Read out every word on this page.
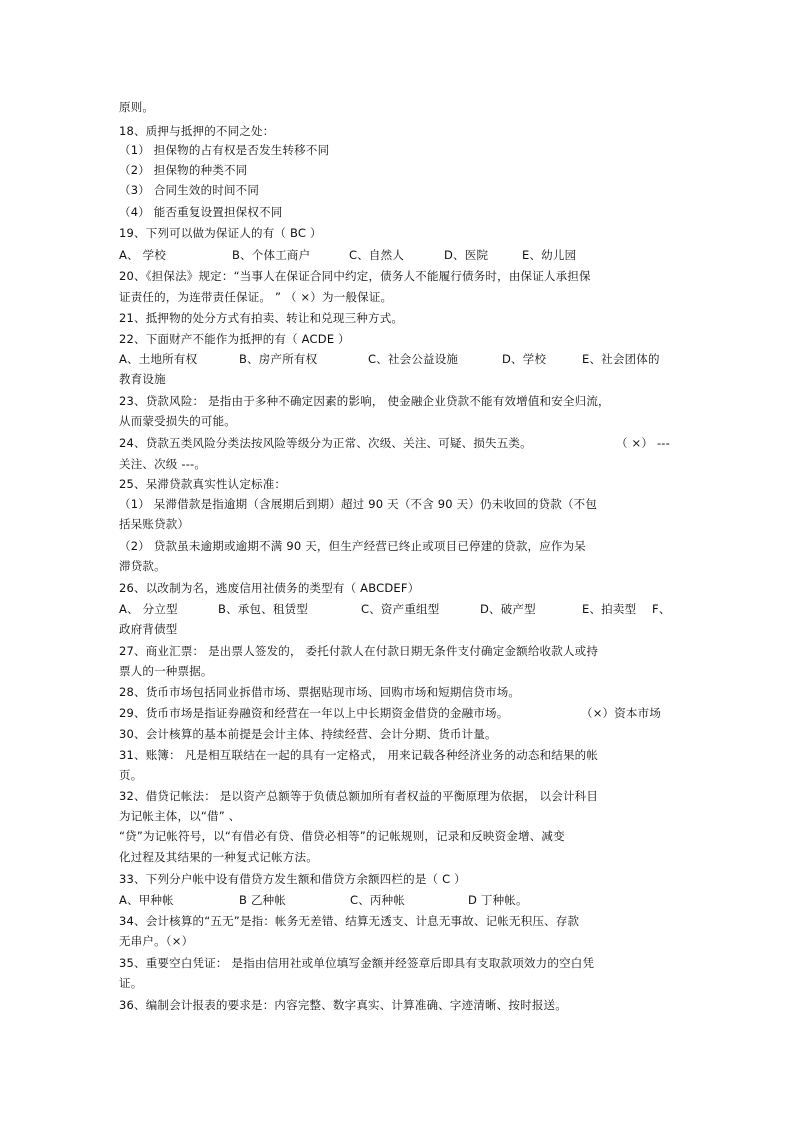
原则。
18、质押与抵押的不同之处：
（1） 担保物的占有权是否发生转移不同
（2） 担保物的种类不同
（3） 合同生效的时间不同
（4） 能否重复设置担保权不同
19、下列可以做为保证人的有（ BC ）
A、 学校	B、个体工商户	C、自然人	D、医院	E、幼儿园
20、《担保法》规定：“当事人在保证合同中约定，债务人不能履行债务时，由保证人承担保
证责任的，为连带责任保证。 ” （ ×）为一般保证。
21、抵押物的处分方式有拍卖、转让和兑现三种方式。
22、下面财产不能作为抵押的有（ ACDE ）
A、土地所有权	B、房产所有权	C、社会公益设施	D、学校	E、社会团体的
教育设施
23、贷款风险： 是指由于多种不确定因素的影响， 使金融企业贷款不能有效增值和安全归流，
从而蒙受损失的可能。
24、贷款五类风险分类法按风险等级分为正常、次级、关注、可疑、损失五类。	（ ×） ---
关注、次级 ---。
25、呆滞贷款真实性认定标准：
（1） 呆滞借款是指逾期（含展期后到期）超过 90 天（不含 90 天）仍未收回的贷款（不包
括呆账贷款）
（2） 贷款虽未逾期或逾期不满 90 天，但生产经营已终止或项目已停建的贷款，应作为呆
滞贷款。
26、以改制为名，逃废信用社债务的类型有（ ABCDEF）
A、 分立型	B、承包、租赁型	C、资产重组型	D、破产型	E、拍卖型 F、
政府背债型
27、商业汇票： 是出票人签发的， 委托付款人在付款日期无条件支付确定金额给收款人或持
票人的一种票据。
28、货币市场包括同业拆借市场、票据贴现市场、回购市场和短期信贷市场。
29、货币市场是指证券融资和经营在一年以上中长期资金借贷的金融市场。	（×）资本市场
30、会计核算的基本前提是会计主体、持续经营、会计分期、货币计量。
31、账簿： 凡是相互联结在一起的具有一定格式， 用来记载各种经济业务的动态和结果的帐
页。
32、借贷记帐法： 是以资产总额等于负债总额加所有者权益的平衡原理为依据， 以会计科目
为记帐主体，以“借” 、
“贷”为记帐符号，以“有借必有贷、借贷必相等”的记帐规则，记录和反映资金增、减变
化过程及其结果的一种复式记帐方法。
33、下列分户帐中设有借贷方发生额和借贷方余额四栏的是（ C ）
A、甲种帐	B 乙种帐	C、丙种帐	D 丁种帐。
34、会计核算的“五无”是指：帐务无差错、结算无透支、计息无事故、记帐无积压、存款
无串户。（×）
35、重要空白凭证： 是指由信用社或单位填写金额并经签章后即具有支取款项效力的空白凭
证。
36、编制会计报表的要求是：内容完整、数字真实、计算准确、字迹清晰、按时报送。
